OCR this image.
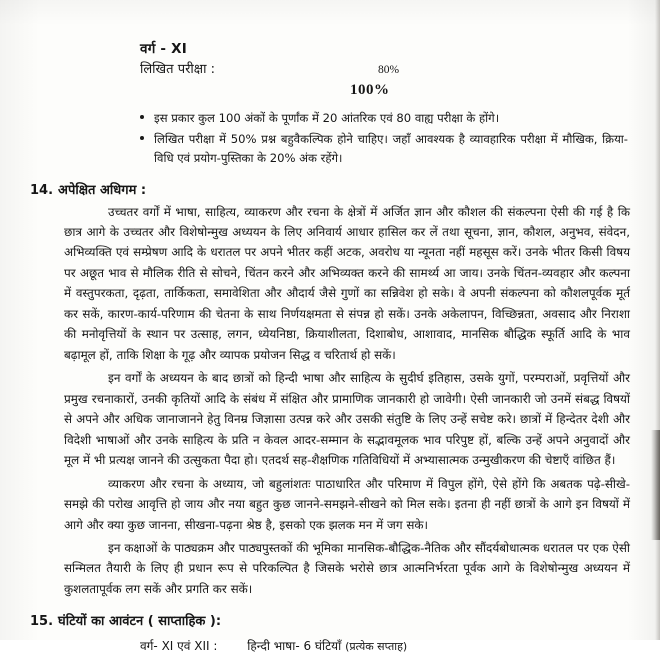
वर्ग - XI
लिखित परीक्षा :	80%
100%
इस प्रकार कुल 100 अंकों के पूर्णांक में 20 आंतरिक एवं 80 वाह्य परीक्षा के होंगे।
लिखित परीक्षा में 50% प्रश्न बहुवैकल्पिक होने चाहिए। जहाँ आवश्यक है व्यावहारिक परीक्षा में मौखिक, क्रिया-विधि एवं प्रयोग-पुस्तिका के 20% अंक रहेंगे।
14. अपेक्षित अधिगम :

उच्चतर वर्गों में भाषा, साहित्य, व्याकरण और रचना के क्षेत्रों में अर्जित ज्ञान और कौशल की संकल्पना ऐसी की गई है कि छात्र आगे के उच्चतर और विशेषोन्मुख अध्ययन के लिए अनिवार्य आधार हासिल कर लें तथा सूचना, ज्ञान, कौशल, अनुभव, संवेदन, अभिव्यक्ति एवं सम्प्रेषण आदि के धरातल पर अपने भीतर कहीं अटक, अवरोध या न्यूनता नहीं महसूस करें। उनके भीतर किसी विषय पर अछूत भाव से मौलिक रीति से सोचने, चिंतन करने और अभिव्यक्त करने की सामर्थ्य आ जाय। उनके चिंतन-व्यवहार और कल्पना में वस्तुपरकता, दृढ़ता, तार्किकता, समावेशिता और औदार्य जैसे गुणों का सन्निवेश हो सके। वे अपनी संकल्पना को कौशलपूर्वक मूर्त कर सकें, कारण-कार्य-परिणाम की चेतना के साथ निर्णयक्षमता से संपन्न हो सकें। उनके अकेलापन, विच्छिन्नता, अवसाद और निराशा की मनोवृत्तियों के स्थान पर उत्साह, लगन, ध्येयनिष्ठा, क्रियाशीलता, दिशाबोध, आशावाद, मानसिक बौद्धिक स्फूर्ति आदि के भाव बढ़ामूल हों, ताकि शिक्षा के गूढ़ और व्यापक प्रयोजन सिद्ध व चरितार्थ हो सकें।

इन वर्गों के अध्ययन के बाद छात्रों को हिन्दी भाषा और साहित्य के सुदीर्घ इतिहास, उसके युगों, परम्पराओं, प्रवृत्तियों और प्रमुख रचनाकारों, उनकी कृतियों आदि के संबंध में संक्षित और प्रामाणिक जानकारी हो जावेगी। ऐसी जानकारी जो उनमें संबद्ध विषयों से अपने और अधिक जानाजानने हेतु विनम्र जिज्ञासा उत्पन्न करे और उसकी संतुष्टि के लिए उन्हें सचेष्ट करे। छात्रों में हिन्देतर देशी और विदेशी भाषाओं और उनके साहित्य के प्रति न केवल आदर-सम्मान के सद्भावमूलक भाव परिपुष्ट हों, बल्कि उन्हें अपने अनुवादों और मूल में भी प्रत्यक्ष जानने की उत्सुकता पैदा हो। एतदर्थ सह-शैक्षणिक गतिविधियों में अभ्यासात्मक उन्मुखीकरण की चेष्टाएँ वांछित हैं।

व्याकरण और रचना के अध्याय, जो बहुलांशतः पाठाधारित और परिमाण में विपुल होंगे, ऐसे होंगे कि अबतक पढ़े-सीखे-समझे की परोख आवृत्ति हो जाय और नया बहुत कुछ जानने-समझने-सीखने को मिल सके। इतना ही नहीं छात्रों के आगे इन विषयों में आगे और क्या कुछ जानना, सीखना-पढ़ना श्रेष्ठ है, इसको एक झलक मन में जग सके।

इन कक्षाओं के पाठ्यक्रम और पाठ्यपुस्तकों की भूमिका मानसिक-बौद्धिक-नैतिक और सौंदर्यबोधात्मक धरातल पर एक ऐसी सन्मिलत तैयारी के लिए ही प्रधान रूप से परिकल्पित है जिसके भरोसे छात्र आत्मनिर्भरता पूर्वक आगे के विशेषोन्मुख अध्ययन में कुशलतापूर्वक लग सकें और प्रगति कर सकें।

15. घंटियों का आवंटन ( साप्ताहिक ):
वर्ग- XI एवं XII : हिन्दी भाषा- 6 घंटियाँ (प्रत्येक सप्ताह)
